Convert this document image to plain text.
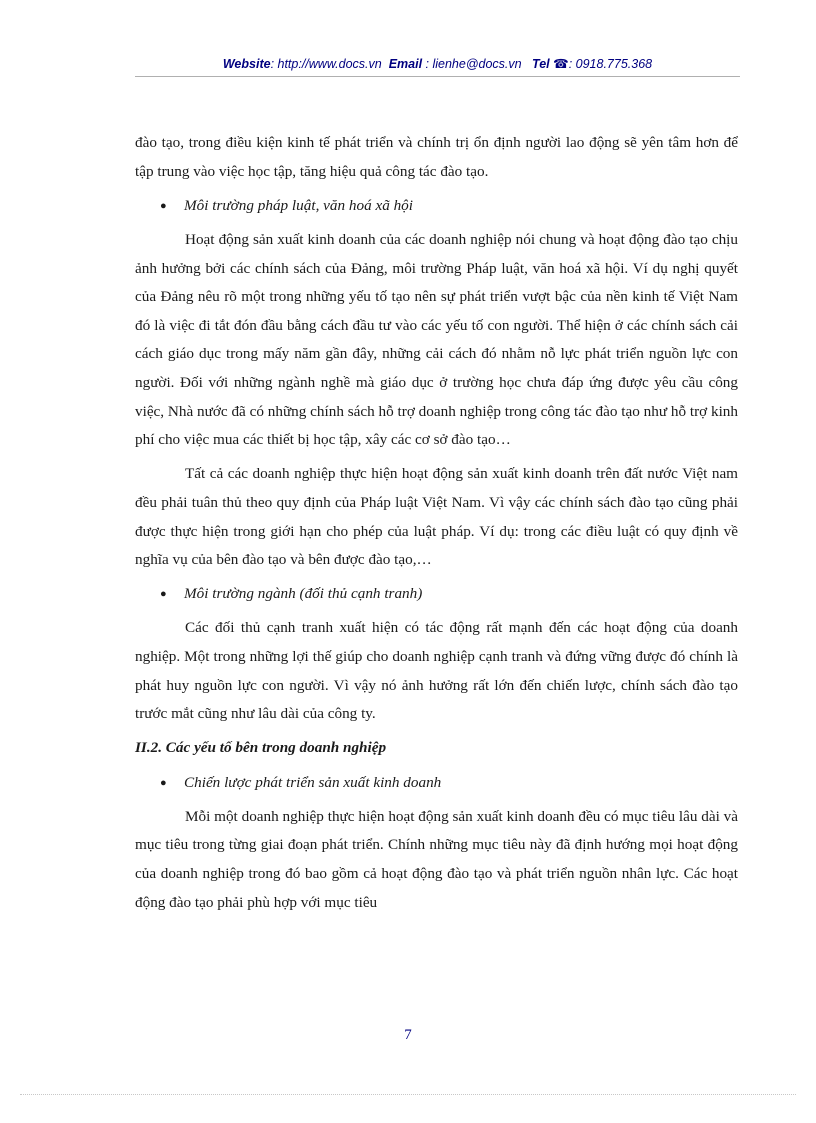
Website: http://www.docs.vn Email : lienhe@docs.vn Tel ☎: 0918.775.368

đào tạo, trong điều kiện kinh tế phát triển và chính trị ổn định người lao động sẽ yên tâm hơn để tập trung vào việc học tập, tăng hiệu quả công tác đào tạo.

● Môi trường pháp luật, văn hoá xã hội

Hoạt động sản xuất kinh doanh của các doanh nghiệp nói chung và hoạt động đào tạo chịu ảnh hưởng bởi các chính sách của Đảng, môi trường Pháp luật, văn hoá xã hội. Ví dụ nghị quyết của Đảng nêu rõ một trong những yếu tố tạo nên sự phát triển vượt bậc của nền kinh tế Việt Nam đó là việc đi tắt đón đầu bằng cách đầu tư vào các yếu tố con người. Thể hiện ở các chính sách cải cách giáo dục trong mấy năm gần đây, những cải cách đó nhằm nỗ lực phát triển nguồn lực con người. Đối với những ngành nghề mà giáo dục ở trường học chưa đáp ứng được yêu cầu công việc, Nhà nước đã có những chính sách hỗ trợ doanh nghiệp trong công tác đào tạo như hỗ trợ kinh phí cho việc mua các thiết bị học tập, xây các cơ sở đào tạo…

Tất cả các doanh nghiệp thực hiện hoạt động sản xuất kinh doanh trên đất nước Việt nam đều phải tuân thủ theo quy định của Pháp luật Việt Nam. Vì vậy các chính sách đào tạo cũng phải được thực hiện trong giới hạn cho phép của luật pháp. Ví dụ: trong các điều luật có quy định về nghĩa vụ của bên đào tạo và bên được đào tạo,…

● Môi trường ngành (đối thủ cạnh tranh)

Các đối thủ cạnh tranh xuất hiện có tác động rất mạnh đến các hoạt động của doanh nghiệp. Một trong những lợi thế giúp cho doanh nghiệp cạnh tranh và đứng vững được đó chính là phát huy nguồn lực con người. Vì vậy nó ảnh hưởng rất lớn đến chiến lược, chính sách đào tạo trước mắt cũng như lâu dài của công ty.

II.2. Các yếu tố bên trong doanh nghiệp
● Chiến lược phát triển sản xuất kinh doanh

Mỗi một doanh nghiệp thực hiện hoạt động sản xuất kinh doanh đều có mục tiêu lâu dài và mục tiêu trong từng giai đoạn phát triển. Chính những mục tiêu này đã định hướng mọi hoạt động của doanh nghiệp trong đó bao gồm cả hoạt động đào tạo và phát triển nguồn nhân lực. Các hoạt động đào tạo phải phù hợp với mục tiêu

7
